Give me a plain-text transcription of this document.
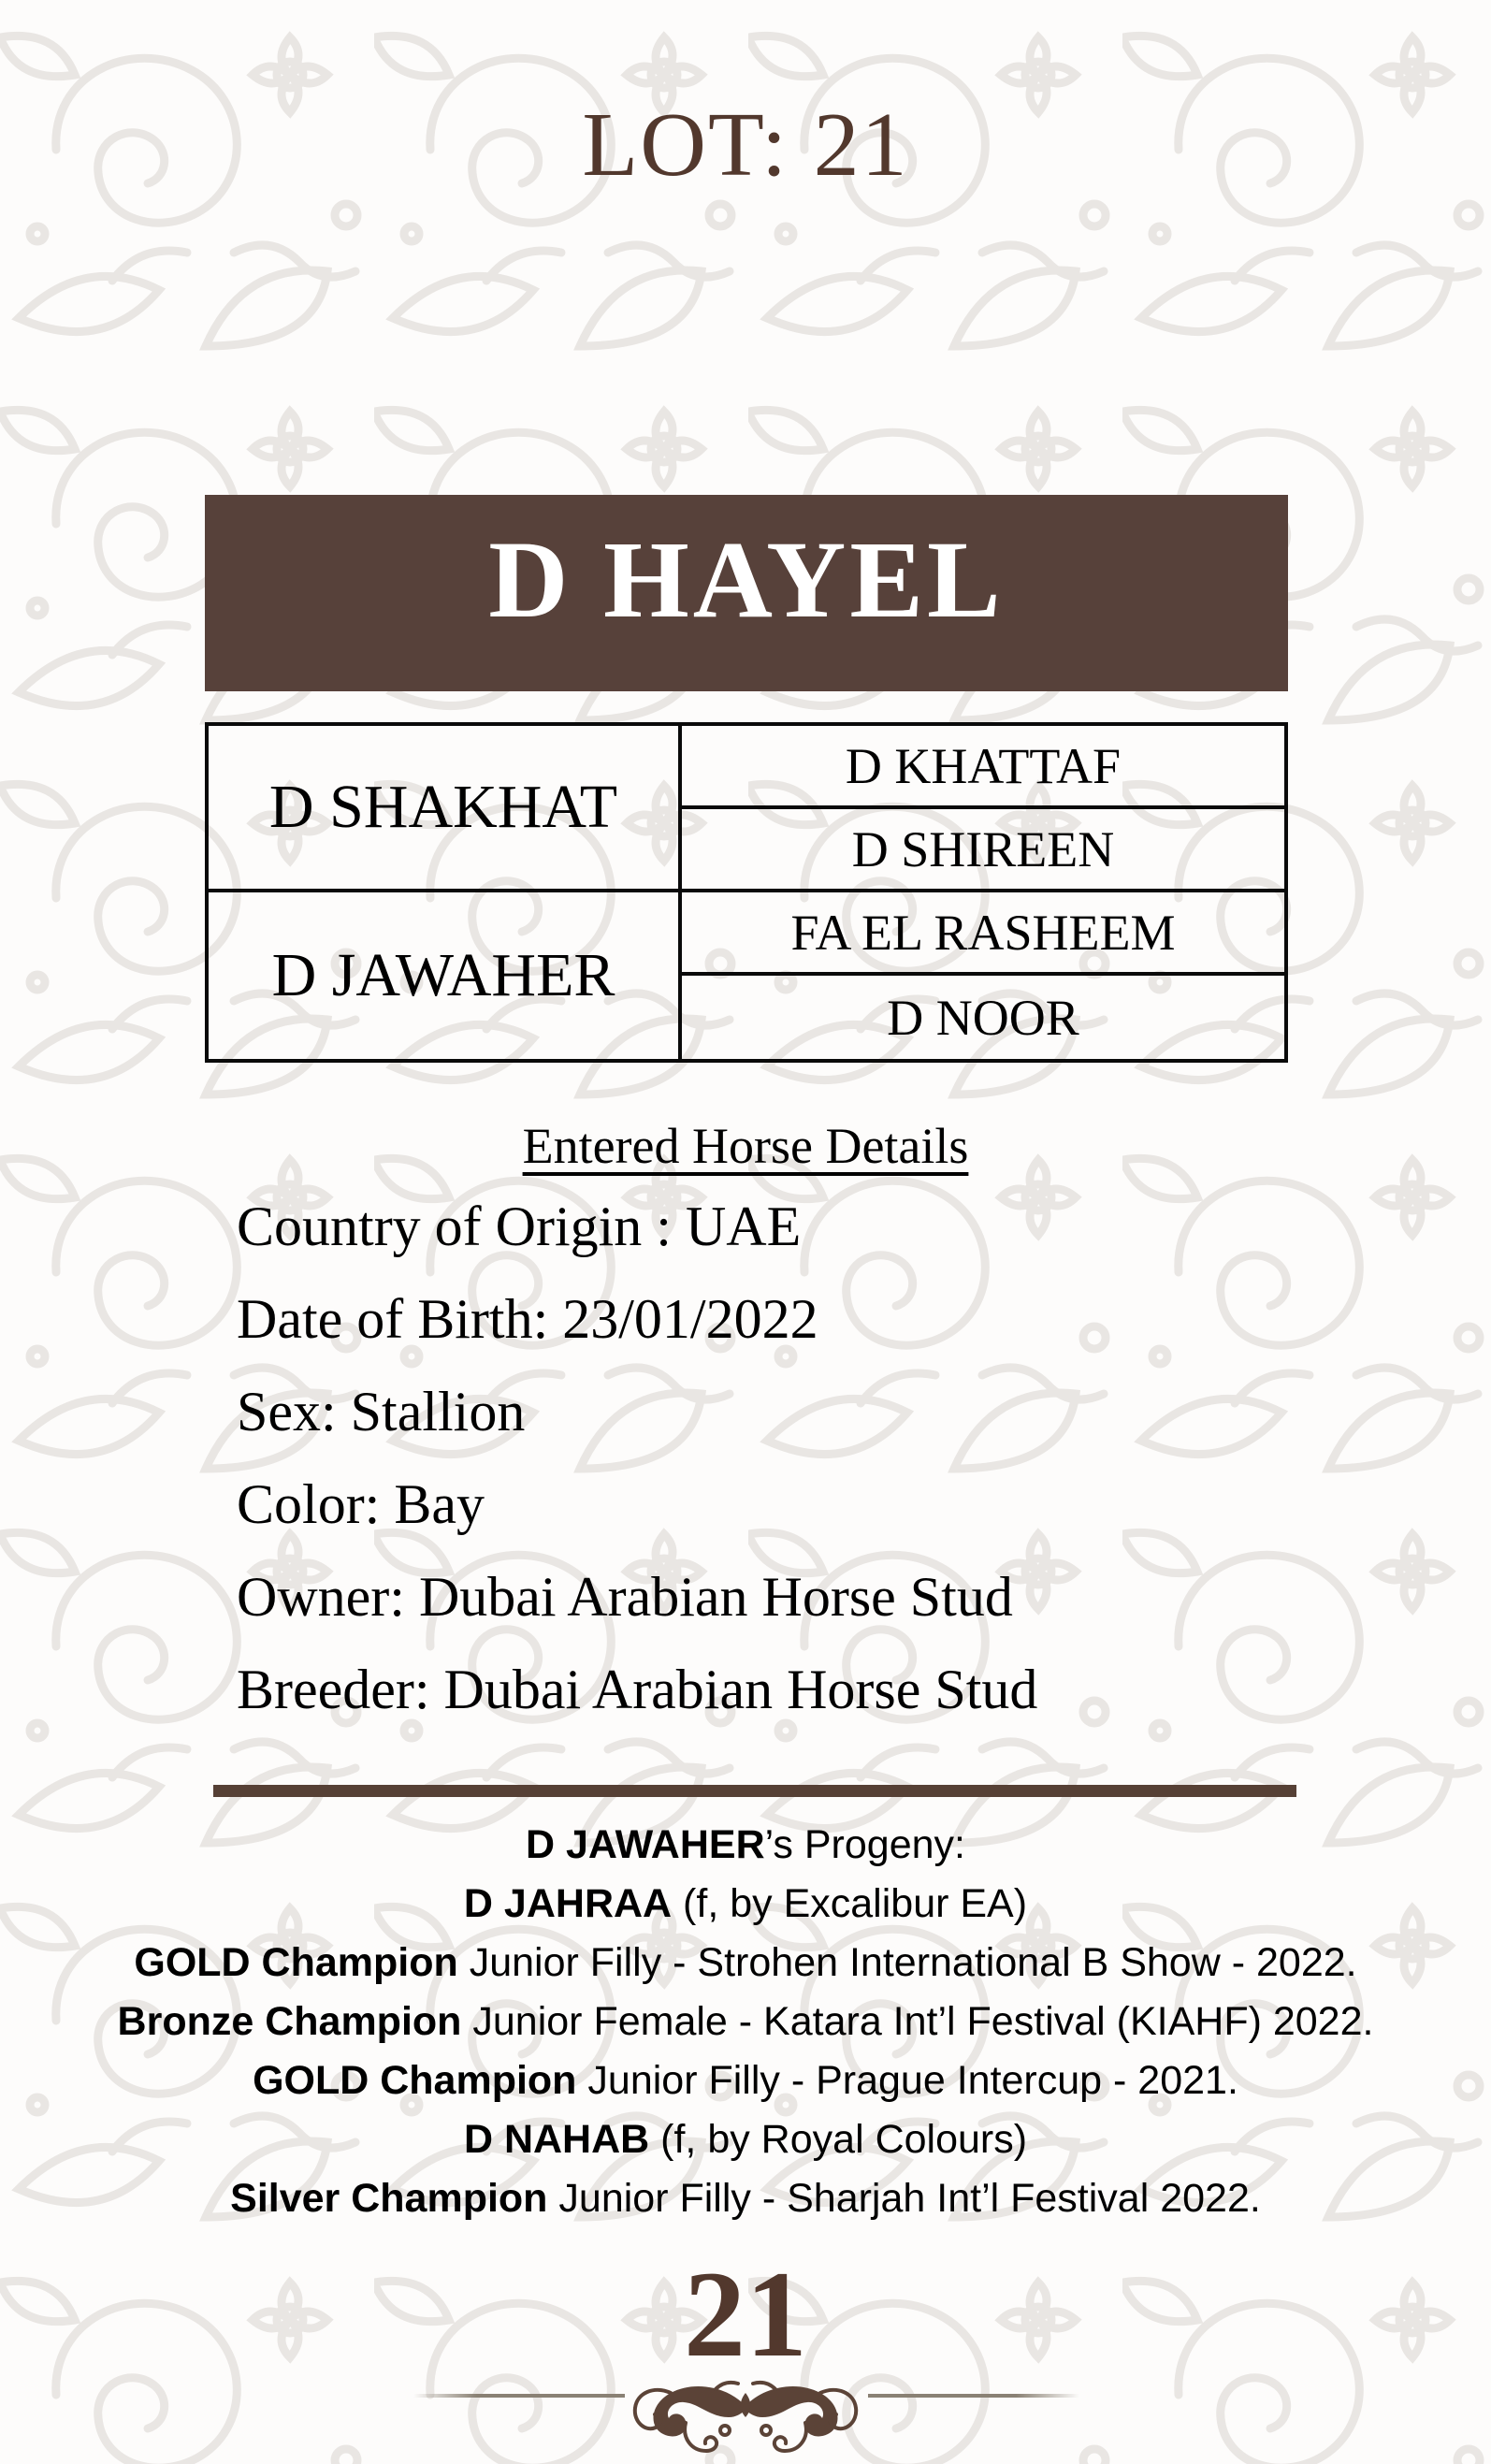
LOT: 21
D HAYEL
D SHAKHAT
D KHATTAF
D SHIREEN
D JAWAHER
FA EL RASHEEM
D NOOR
Entered Horse Details
Country of Origin : UAE
Date of Birth: 23/01/2022
Sex: Stallion
Color: Bay
Owner: Dubai Arabian Horse Stud
Breeder: Dubai Arabian Horse Stud
D JAWAHER’s Progeny:
D JAHRAA (f, by Excalibur EA)
GOLD Champion Junior Filly - Strohen International B Show - 2022.
Bronze Champion Junior Female - Katara Int’l Festival (KIAHF) 2022.
GOLD Champion Junior Filly - Prague Intercup - 2021.
D NAHAB (f, by Royal Colours)
Silver Champion Junior Filly - Sharjah Int’l Festival 2022.
21
